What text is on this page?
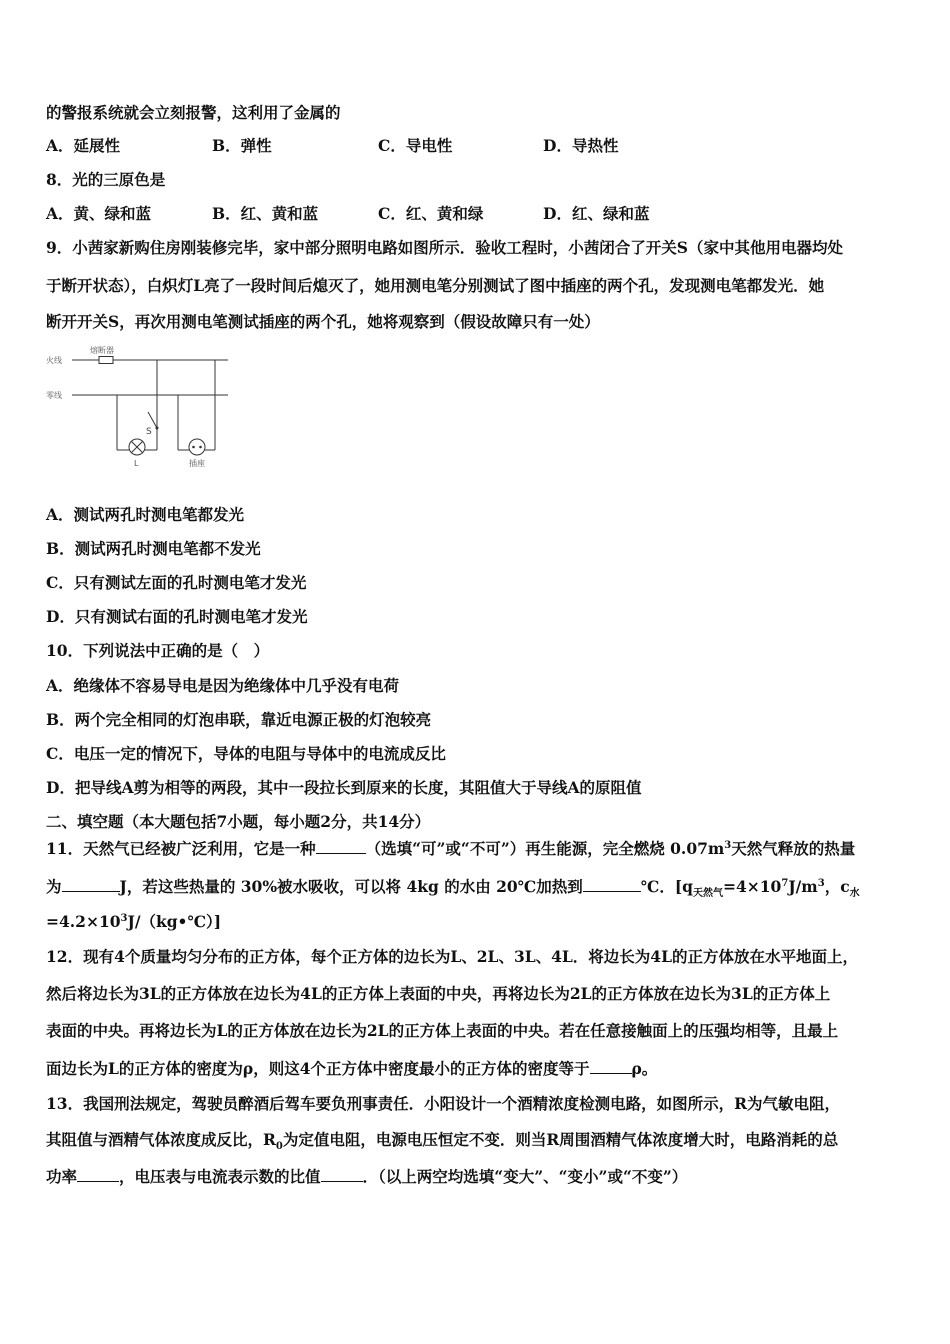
的警报系统就会立刻报警，这利用了金属的
A．延展性	B．弹性	C．导电性	D．导热性
8．光的三原色是
A．黄、绿和蓝	B．红、黄和蓝	C．红、黄和绿	D．红、绿和蓝
9．小茜家新购住房刚装修完毕，家中部分照明电路如图所示．验收工程时，小茜闭合了开关S（家中其他用电器均处
于断开状态），白炽灯L亮了一段时间后熄灭了，她用测电笔分别测试了图中插座的两个孔，发现测电笔都发光．她
断开开关S，再次用测电笔测试插座的两个孔，她将观察到（假设故障只有一处）
火线
零线
熔断器
S
L	插座
A．测试两孔时测电笔都发光
B．测试两孔时测电笔都不发光
C．只有测试左面的孔时测电笔才发光
D．只有测试右面的孔时测电笔才发光
10．下列说法中正确的是（　）
A．绝缘体不容易导电是因为绝缘体中几乎没有电荷
B．两个完全相同的灯泡串联，靠近电源正极的灯泡较亮
C．电压一定的情况下，导体的电阻与导体中的电流成反比
D．把导线A剪为相等的两段，其中一段拉长到原来的长度，其阻值大于导线A的原阻值
二、填空题（本大题包括7小题，每小题2分，共14分）
11．天然气已经被广泛利用，它是一种	（选填“可”或“不可”）再生能源，完全燃烧 $0.07m^3$天然气释放的热量
为	J，若这些热量的 30%被水吸收，可以将 4kg 的水由 20℃加热到	℃．[$q_{天然气}=4\times 10^7J/m^3$，$c_水$
$=4.2\times 10^3J/(kg•℃)$]
12．现有4个质量均匀分布的正方体，每个正方体的边长为L、2L、3L、4L．将边长为4L的正方体放在水平地面上，
然后将边长为3L的正方体放在边长为4L的正方体上表面的中央，再将边长为2L的正方体放在边长为3L的正方体上
表面的中央。再将边长为L的正方体放在边长为2L的正方体上表面的中央。若在任意接触面上的压强均相等，且最上
面边长为L的正方体的密度为ρ，则这4个正方体中密度最小的正方体的密度等于	ρ。
13．我国刑法规定，驾驶员醉酒后驾车要负刑事责任．小阳设计一个酒精浓度检测电路，如图所示，R为气敏电阻，
其阻值与酒精气体浓度成反比，$R_0$为定值电阻，电源电压恒定不变．则当R周围酒精气体浓度增大时，电路消耗的总
功率	，电压表与电流表示数的比值	．（以上两空均选填“变大”、“变小”或“不变”）
